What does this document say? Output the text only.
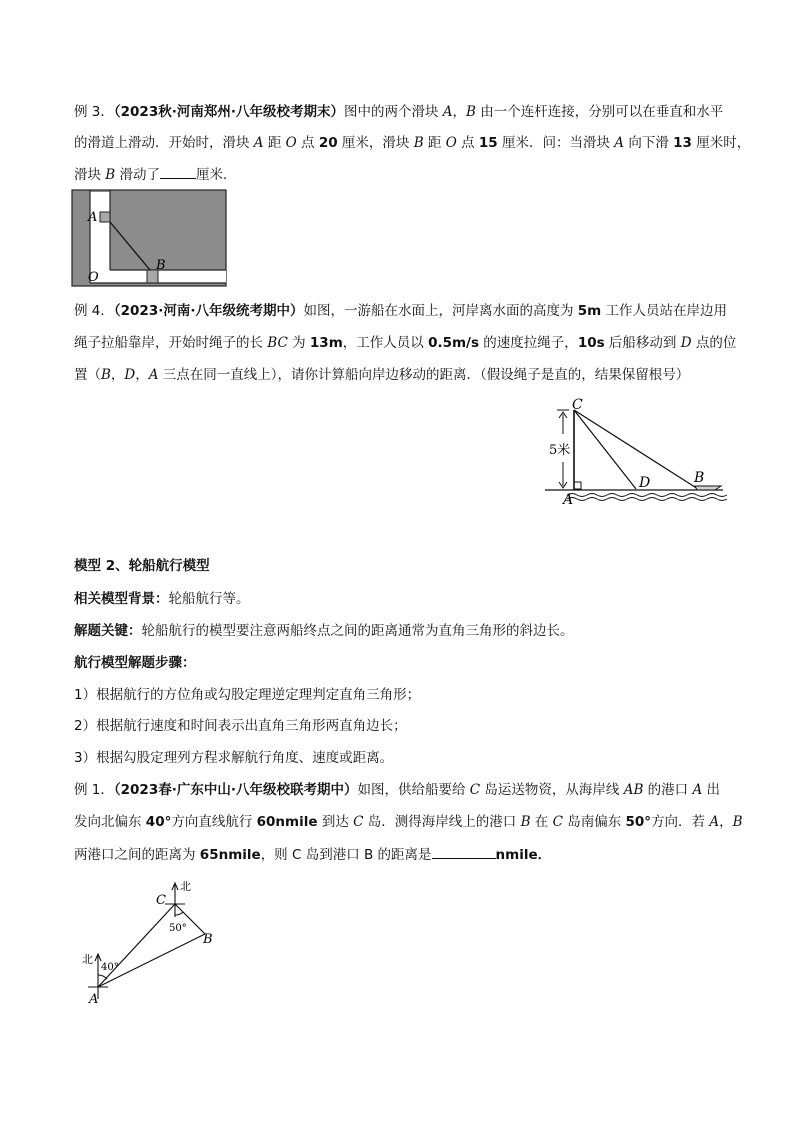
例 3．（2023秋·河南郑州·八年级校考期末）图中的两个滑块 A，B 由一个连杆连接，分别可以在垂直和水平
的滑道上滑动．开始时，滑块 A 距 O 点 20 厘米，滑块 B 距 O 点 15 厘米．问：当滑块 A 向下滑 13 厘米时，
滑块 B 滑动了	厘米．
A
O
B
例 4．（2023·河南·八年级统考期中）如图，一游船在水面上，河岸离水面的高度为 5m 工作人员站在岸边用
绳子拉船靠岸，开始时绳子的长 BC 为 13m，工作人员以 0.5m/s 的速度拉绳子，10s 后船移动到 D 点的位
置（B，D，A 三点在同一直线上），请你计算船向岸边移动的距离．（假设绳子是直的，结果保留根号）
C
5米
D	B
A
模型 2、轮船航行模型
相关模型背景：轮船航行等。
解题关键：轮船航行的模型要注意两船终点之间的距离通常为直角三角形的斜边长。
航行模型解题步骤：
1）根据航行的方位角或勾股定理逆定理判定直角三角形；
2）根据航行速度和时间表示出直角三角形两直角边长；
3）根据勾股定理列方程求解航行角度、速度或距离。
例 1．（2023春·广东中山·八年级校联考期中）如图，供给船要给 C 岛运送物资，从海岸线 AB 的港口 A 出
发向北偏东 40°方向直线航行 60nmile 到达 C 岛．测得海岸线上的港口 B 在 C 岛南偏东 50°方向．若 A，B
两港口之间的距离为 65nmile，则 C 岛到港口 B 的距离是	nmile．
北
C
50°
B
北
40°
A
